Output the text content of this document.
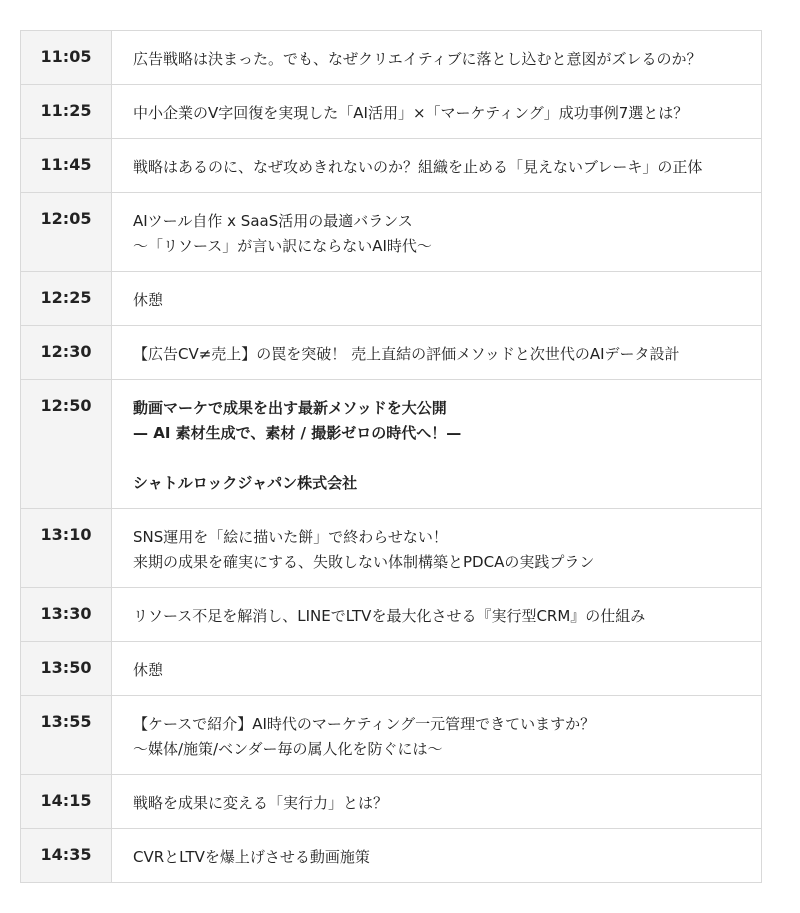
11:05	広告戦略は決まった。でも、なぜクリエイティブに落とし込むと意図がズレるのか？
11:25	中小企業のV字回復を実現した「AI活用」×「マーケティング」成功事例7選とは？
11:45	戦略はあるのに、なぜ攻めきれないのか？組織を止める「見えないブレーキ」の正体
12:05	AIツール自作 x SaaS活用の最適バランス
〜「リソース」が言い訳にならないAI時代〜
12:25	休憩
12:30	【広告CV≠売上】の罠を突破！ 売上直結の評価メソッドと次世代のAIデータ設計
12:50	動画マーケで成果を出す最新メソッドを大公開
— AI 素材生成で、素材 / 撮影ゼロの時代へ！—

シャトルロックジャパン株式会社
13:10	SNS運用を「絵に描いた餅」で終わらせない！
来期の成果を確実にする、失敗しない体制構築とPDCAの実践プラン
13:30	リソース不足を解消し、LINEでLTVを最大化させる『実行型CRM』の仕組み
13:50	休憩
13:55	【ケースで紹介】AI時代のマーケティング一元管理できていますか？
〜媒体/施策/ベンダー毎の属人化を防ぐには〜
14:15	戦略を成果に変える「実行力」とは？
14:35	CVRとLTVを爆上げさせる動画施策
